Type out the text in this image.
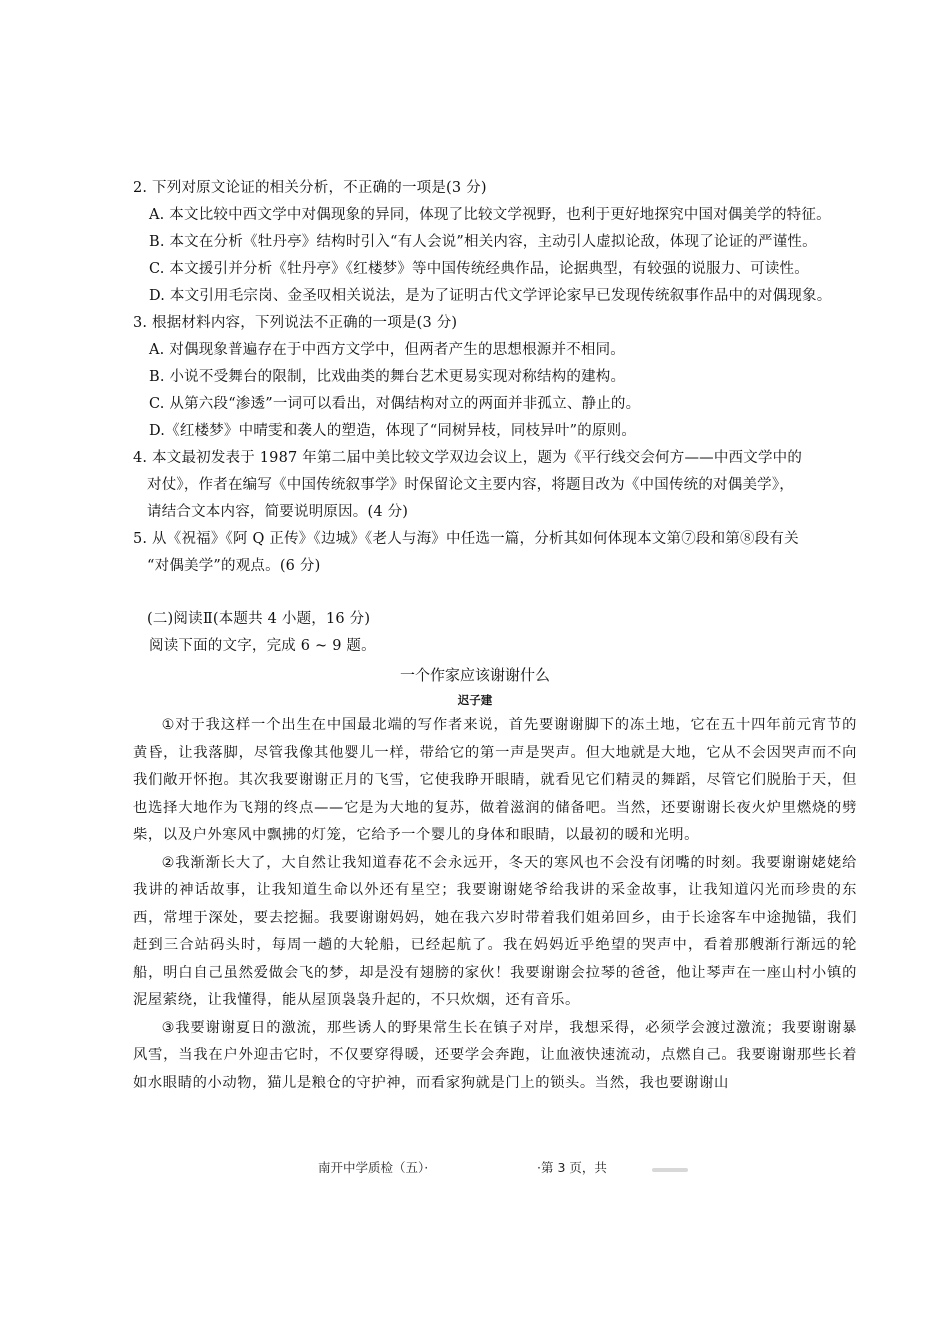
2. 下列对原文论证的相关分析，不正确的一项是(3 分)
A. 本文比较中西文学中对偶现象的异同，体现了比较文学视野，也利于更好地探究中国对偶美学的特征。
B. 本文在分析《牡丹亭》结构时引入“有人会说”相关内容，主动引人虚拟论敌，体现了论证的严谨性。
C. 本文援引并分析《牡丹亭》《红楼梦》等中国传统经典作品，论据典型，有较强的说服力、可读性。
D. 本文引用毛宗岗、金圣叹相关说法，是为了证明古代文学评论家早已发现传统叙事作品中的对偶现象。
3. 根据材料内容，下列说法不正确的一项是(3 分)
A. 对偶现象普遍存在于中西方文学中，但两者产生的思想根源并不相同。
B. 小说不受舞台的限制，比戏曲类的舞台艺术更易实现对称结构的建构。
C. 从第六段“渗透”一词可以看出，对偶结构对立的两面并非孤立、静止的。
D.《红楼梦》中晴雯和袭人的塑造，体现了“同树异枝，同枝异叶”的原则。
4. 本文最初发表于 1987 年第二届中美比较文学双边会议上，题为《平行线交会何方——中西文学中的
对仗》，作者在编写《中国传统叙事学》时保留论文主要内容，将题目改为《中国传统的对偶美学》，
请结合文本内容，简要说明原因。(4 分)
5. 从《祝福》《阿 Q 正传》《边城》《老人与海》中任选一篇，分析其如何体现本文第⑦段和第⑧段有关
“对偶美学”的观点。(6 分)
(二)阅读Ⅱ(本题共 4 小题，16 分)
阅读下面的文字，完成 6 ~ 9 题。
一个作家应该谢谢什么
迟子建

①对于我这样一个出生在中国最北端的写作者来说，首先要谢谢脚下的冻土地，它在五十四年前元宵节的黄昏，让我落脚，尽管我像其他婴儿一样，带给它的第一声是哭声。但大地就是大地，它从不会因哭声而不向我们敞开怀抱。其次我要谢谢正月的飞雪，它使我睁开眼睛，就看见它们精灵的舞蹈，尽管它们脱胎于天，但也选择大地作为飞翔的终点——它是为大地的复苏，做着滋润的储备吧。当然，还要谢谢长夜火炉里燃烧的劈柴，以及户外寒风中飘拂的灯笼，它给予一个婴儿的身体和眼睛，以最初的暖和光明。

②我渐渐长大了，大自然让我知道春花不会永远开，冬天的寒风也不会没有闭嘴的时刻。我要谢谢姥姥给我讲的神话故事，让我知道生命以外还有星空；我要谢谢姥爷给我讲的采金故事，让我知道闪光而珍贵的东西，常埋于深处，要去挖掘。我要谢谢妈妈，她在我六岁时带着我们姐弟回乡，由于长途客车中途抛锚，我们赶到三合站码头时，每周一趟的大轮船，已经起航了。我在妈妈近乎绝望的哭声中，看着那艘渐行渐远的轮船，明白自己虽然爱做会飞的梦，却是没有翅膀的家伙！我要谢谢会拉琴的爸爸，他让琴声在一座山村小镇的泥屋萦绕，让我懂得，能从屋顶袅袅升起的，不只炊烟，还有音乐。

③我要谢谢夏日的激流，那些诱人的野果常生长在镇子对岸，我想采得，必须学会渡过激流；我要谢谢暴风雪，当我在户外迎击它时，不仅要穿得暖，还要学会奔跑，让血液快速流动，点燃自己。我要谢谢那些长着如水眼睛的小动物，猫儿是粮仓的守护神，而看家狗就是门上的锁头。当然，我也要谢谢山

南开中学质检（五）·	·第 3 页，共
